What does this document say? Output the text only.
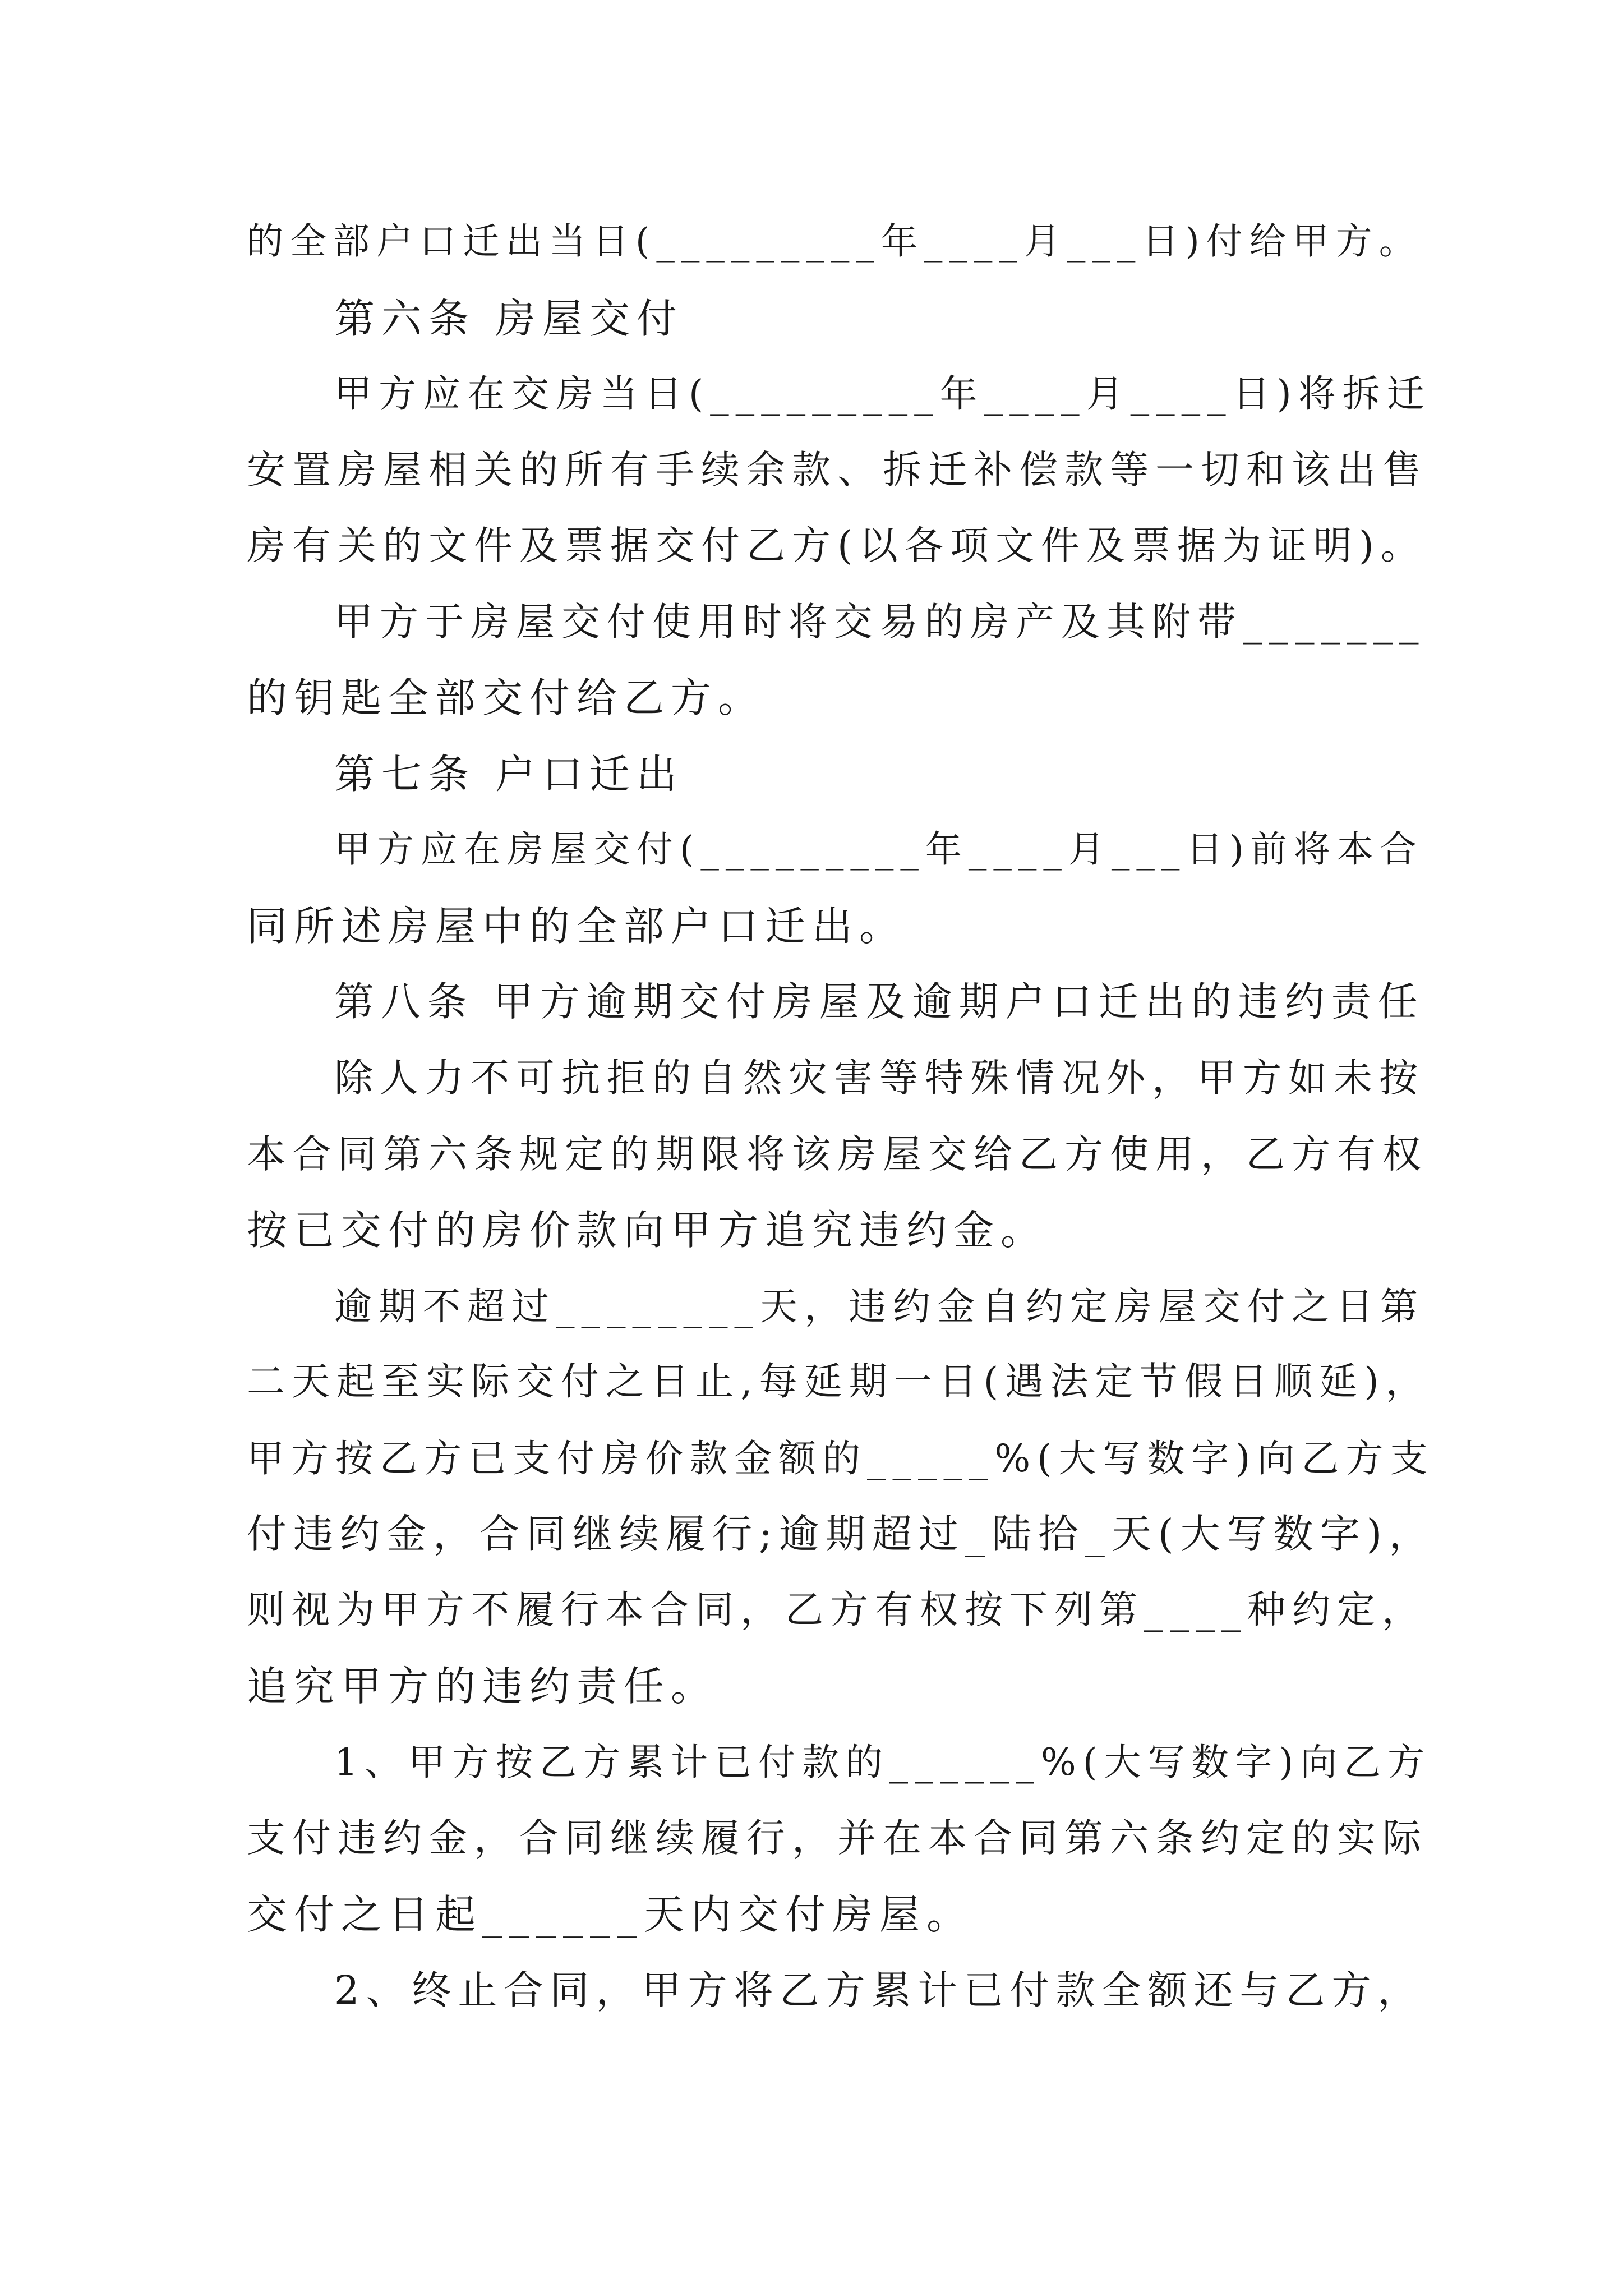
的全部户口迁出当日(_________年____月___日)付给甲方。
第六条 房屋交付
甲方应在交房当日(_________年____月____日)将拆迁
安置房屋相关的所有手续余款、拆迁补偿款等一切和该出售
房有关的文件及票据交付乙方(以各项文件及票据为证明)。
甲方于房屋交付使用时将交易的房产及其附带_______
的钥匙全部交付给乙方。
第七条 户口迁出
甲方应在房屋交付(_________年____月___日)前将本合
同所述房屋中的全部户口迁出。
第八条 甲方逾期交付房屋及逾期户口迁出的违约责任
除人力不可抗拒的自然灾害等特殊情况外，甲方如未按
本合同第六条规定的期限将该房屋交给乙方使用，乙方有权
按已交付的房价款向甲方追究违约金。
逾期不超过________天，违约金自约定房屋交付之日第
二天起至实际交付之日止,每延期一日(遇法定节假日顺延)，
甲方按乙方已支付房价款金额的_____%(大写数字)向乙方支
付违约金，合同继续履行;逾期超过_陆拾_天(大写数字)，
则视为甲方不履行本合同，乙方有权按下列第____种约定，
追究甲方的违约责任。
1、甲方按乙方累计已付款的______%(大写数字)向乙方
支付违约金，合同继续履行，并在本合同第六条约定的实际
交付之日起______天内交付房屋。
2、终止合同，甲方将乙方累计已付款全额还与乙方，
